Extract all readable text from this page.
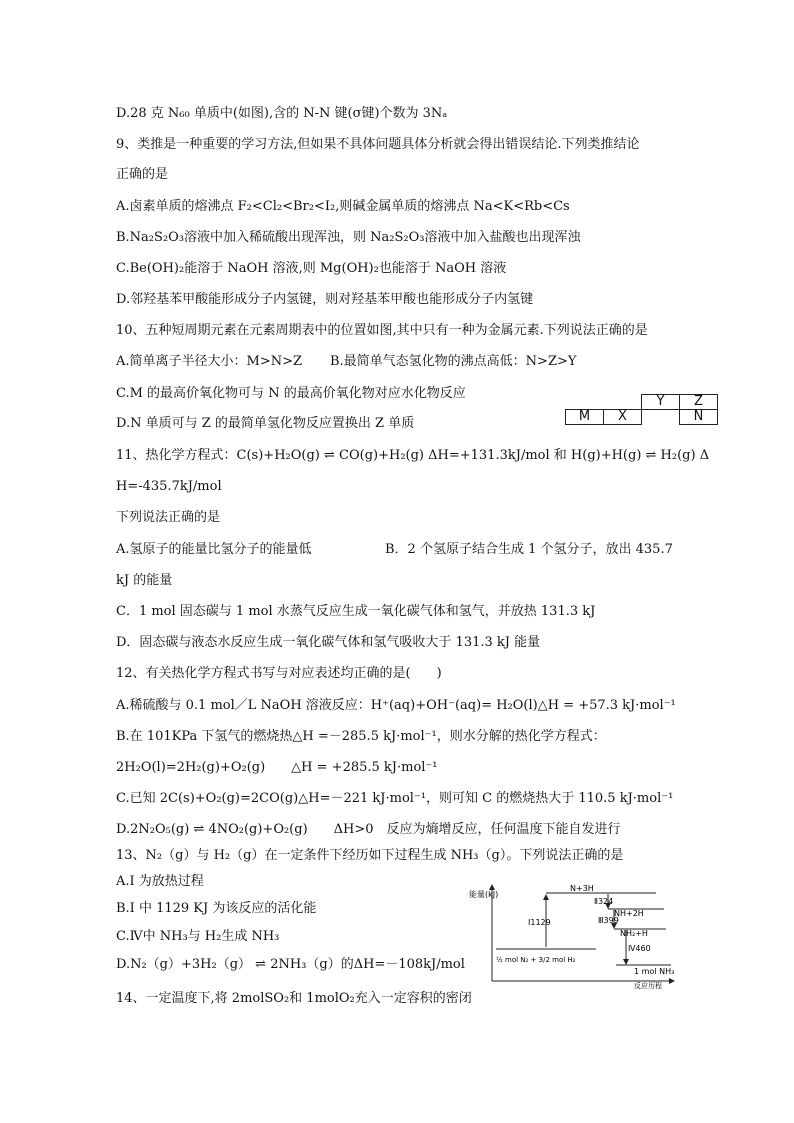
D.28 克 N₆₀ 单质中(如图),含的 N-N 键(σ键)个数为 3Nₐ
9、类推是一种重要的学习方法,但如果不具体问题具体分析就会得出错误结论.下列类推结论
正确的是
A.卤素单质的熔沸点 F₂<Cl₂<Br₂<I₂,则碱金属单质的熔沸点 Na<K<Rb<Cs
B.Na₂S₂O₃溶液中加入稀硫酸出现浑浊，则 Na₂S₂O₃溶液中加入盐酸也出现浑浊
C.Be(OH)₂能溶于 NaOH 溶液,则 Mg(OH)₂也能溶于 NaOH 溶液
D.邻羟基苯甲酸能形成分子内氢键，则对羟基苯甲酸也能形成分子内氢键
10、五种短周期元素在元素周期表中的位置如图,其中只有一种为金属元素.下列说法正确的是
A.简单离子半径大小：M>N>Z B.最简单气态氢化物的沸点高低：N>Z>Y
C.M 的最高价氧化物可与 N 的最高价氧化物对应水化物反应
D.N 单质可与 Z 的最简单氢化物反应置换出 Z 单质
		Y	Z
M	X		N
11、热化学方程式：C(s)+H₂O(g) ⇌ CO(g)+H₂(g) ΔH=+131.3kJ/mol 和 H(g)+H(g) ⇌ H₂(g) Δ
H=-435.7kJ/mol
下列说法正确的是
A.氢原子的能量比氢分子的能量低	B．2 个氢原子结合生成 1 个氢分子，放出 435.7
kJ 的能量
C．1 mol 固态碳与 1 mol 水蒸气反应生成一氧化碳气体和氢气，并放热 131.3 kJ
D．固态碳与液态水反应生成一氧化碳气体和氢气吸收大于 131.3 kJ 能量
12、有关热化学方程式书写与对应表述均正确的是(　　)
A.稀硫酸与 0.1 mol／L NaOH 溶液反应：H⁺(aq)+OH⁻(aq)= H₂O(l)△H = +57.3 kJ·mol⁻¹
B.在 101KPa 下氢气的燃烧热△H =－285.5 kJ·mol⁻¹，则水分解的热化学方程式：
2H₂O(l)=2H₂(g)+O₂(g)　　△H = +285.5 kJ·mol⁻¹
C.已知 2C(s)+O₂(g)=2CO(g)△H=－221 kJ·mol⁻¹，则可知 C 的燃烧热大于 110.5 kJ·mol⁻¹
D.2N₂O₅(g) ⇌ 4NO₂(g)+O₂(g)　　ΔH>0　反应为熵增反应，任何温度下能自发进行
13、N₂（g）与 H₂（g）在一定条件下经历如下过程生成 NH₃（g）。下列说法正确的是
A.I 为放热过程
B.I 中 1129 KJ 为该反应的活化能
C.Ⅳ中 NH₃与 H₂生成 NH₃
D.N₂（g）+3H₂（g） ⇌ 2NH₃（g）的ΔH=－108kJ/mol
14、一定温度下,将 2molSO₂和 1molO₂充入一定容积的密闭
能量(kJ)
N+3H
NH+2H
NH₂+H
½ mol N₂ + 3/2 mol H₂
1 mol NH₃
Ⅰ1129
Ⅱ324
Ⅲ399
Ⅳ460
反应历程
